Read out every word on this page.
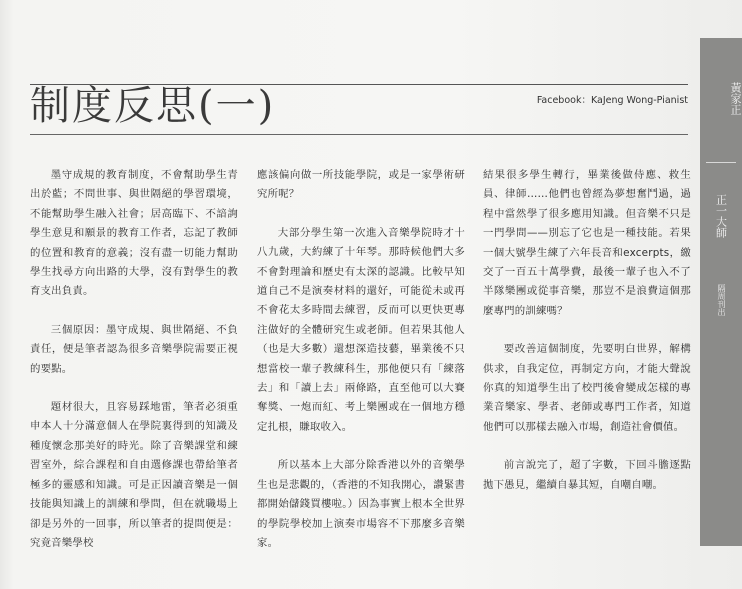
制度反思(一)	Facebook：KaJeng Wong-Pianist

墨守成規的教育制度，不會幫助學生青出於藍；不問世事、與世隔絕的學習環境，不能幫助學生融入社會；居高臨下、不諳詢學生意見和願景的教育工作者，忘記了教師的位置和教育的意義；沒有盡一切能力幫助學生找尋方向出路的大學，沒有對學生的教育支出負責。

三個原因：墨守成規、與世隔絕、不負責任，便是筆者認為很多音樂學院需要正視的要點。

題材很大，且容易踩地雷，筆者必須重申本人十分滿意個人在學院裏得到的知識及種度懷念那美好的時光。除了音樂課堂和練習室外，綜合課程和自由選修課也帶給筆者極多的靈感和知識。可是正因讀音樂是一個技能與知識上的訓練和學問，但在就職場上卻是另外的一回事，所以筆者的提問便是：究竟音樂學校

應該偏向做一所技能學院，或是一家學術研究所呢？

大部分學生第一次進入音樂學院時才十八九歲，大約練了十年琴。那時候他們大多不會對理論和歷史有太深的認識。比較早知道自己不是演奏材料的還好，可能從未或再不會花太多時間去練習，反而可以更快更專注做好的全體研究生或老師。但若果其他人（也是大多數）還想深造技藝，畢業後不只想當校一輩子教練科生，那他便只有「練落去」和「讀上去」兩條路，直至他可以大賽奪獎、一炮而紅、考上樂團或在一個地方穩定扎根，賺取收入。

所以基本上大部分除香港以外的音樂學生也是悲觀的，（香港的不知我開心，讚緊書都開始儲錢買樓啦。）因為事實上根本全世界的學院學校加上演奏市場容不下那麼多音樂家。

結果很多學生轉行，畢業後做侍應、救生員、律師……他們也曾經為夢想奮鬥過，過程中當然學了很多應用知識。但音樂不只是一門學問——別忘了它也是一種技能。若果一個大號學生練了六年長音和excerpts，繳交了一百五十萬學費，最後一輩子也入不了半隊樂團或從事音樂，那豈不是浪費這個那麼專門的訓練嗎？

要改善這個制度，先要明白世界，解構供求，自我定位，再制定方向，才能大聲說你真的知道學生出了校門後會變成怎樣的專業音樂家、學者、老師或專門工作者，知道他們可以那樣去融入市場，創造社會價值。

前言說完了，超了字數，下回斗膽逐點拋下愚見，繼續自暴其短，自嘲自嘲。

黃家正
正一大師
隔周刊出
